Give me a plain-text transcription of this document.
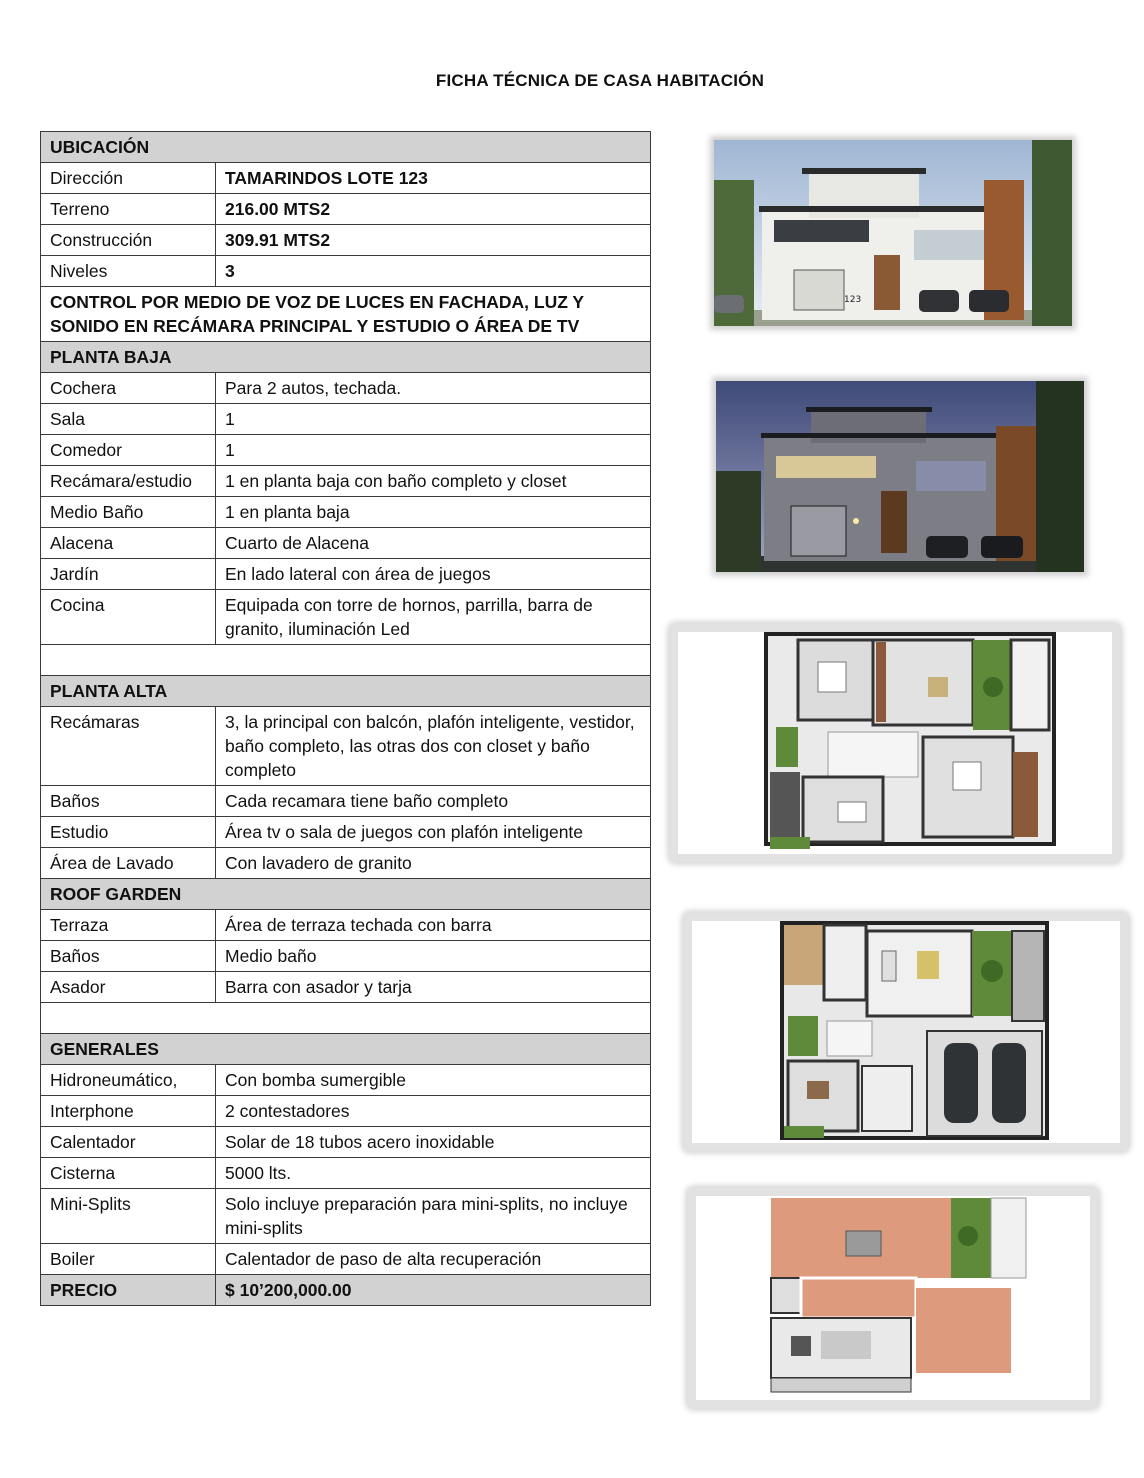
FICHA TÉCNICA DE CASA HABITACIÓN
UBICACIÓN	
Dirección	TAMARINDOS LOTE 123
Terreno	216.00 MTS2
Construcción	309.91 MTS2
Niveles	3
CONTROL POR MEDIO DE VOZ DE LUCES EN FACHADA, LUZ Y SONIDO EN RECÁMARA PRINCIPAL Y ESTUDIO O ÁREA DE TV	
PLANTA BAJA	
Cochera	Para 2 autos, techada.
Sala	1
Comedor	1
Recámara/estudio	1 en planta baja con baño completo y closet
Medio Baño	1 en planta baja
Alacena	Cuarto de Alacena
Jardín	En lado lateral con área de juegos
Cocina	Equipada con torre de hornos, parrilla, barra de granito, iluminación Led

PLANTA ALTA	
Recámaras	3, la principal con balcón, plafón inteligente, vestidor, baño completo, las otras dos con closet y baño completo
Baños	Cada recamara tiene baño completo
Estudio	Área tv o sala de juegos con plafón inteligente
Área de Lavado	Con lavadero de granito
ROOF GARDEN	
Terraza	Área de terraza techada con barra
Baños	Medio baño
Asador	Barra con asador y tarja

GENERALES	
Hidroneumático,	Con bomba sumergible
Interphone	2 contestadores
Calentador	Solar de 18 tubos acero inoxidable
Cisterna	5000 lts.
Mini-Splits	Solo incluye preparación para mini-splits, no incluye mini-splits
Boiler	Calentador de paso de alta recuperación
PRECIO	$ 10’200,000.00
123
